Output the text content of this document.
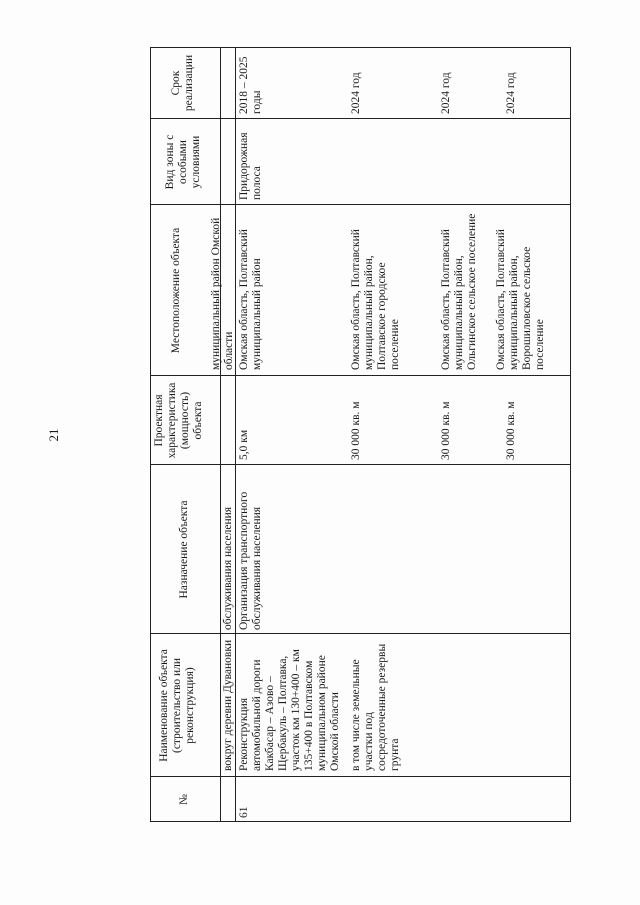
21
№
Наименование объекта (строительство или реконструкция)
Назначение объекта
Проектная характеристика (мощность) объекта
Местоположение объекта
Вид зоны с особыми условиями
Срок реализации
вокруг деревни Дувановки
обслуживания населения
муниципальный район Омской области
61
Реконструкция автомобильной дороги Какбасар – Азово – Щербакуль – Полтавка, участок км 130+400 – км 135+400 в Полтавском муниципальном районе Омской области
Организация транспортного обслуживания населения
5,0 км
Омская область, Полтавский муниципальный район
Придорожная полоса
2018 – 2025 годы
в том числе земельные участки под сосредоточенные резервы грунта
30 000 кв. м
Омская область, Полтавский муниципальный район, Полтавское городское поселение
2024 год
30 000 кв. м
Омская область, Полтавский муниципальный район, Ольгинское сельское поселение
2024 год
30 000 кв. м
Омская область, Полтавский муниципальный район, Ворошиловское сельское поселение
2024 год
